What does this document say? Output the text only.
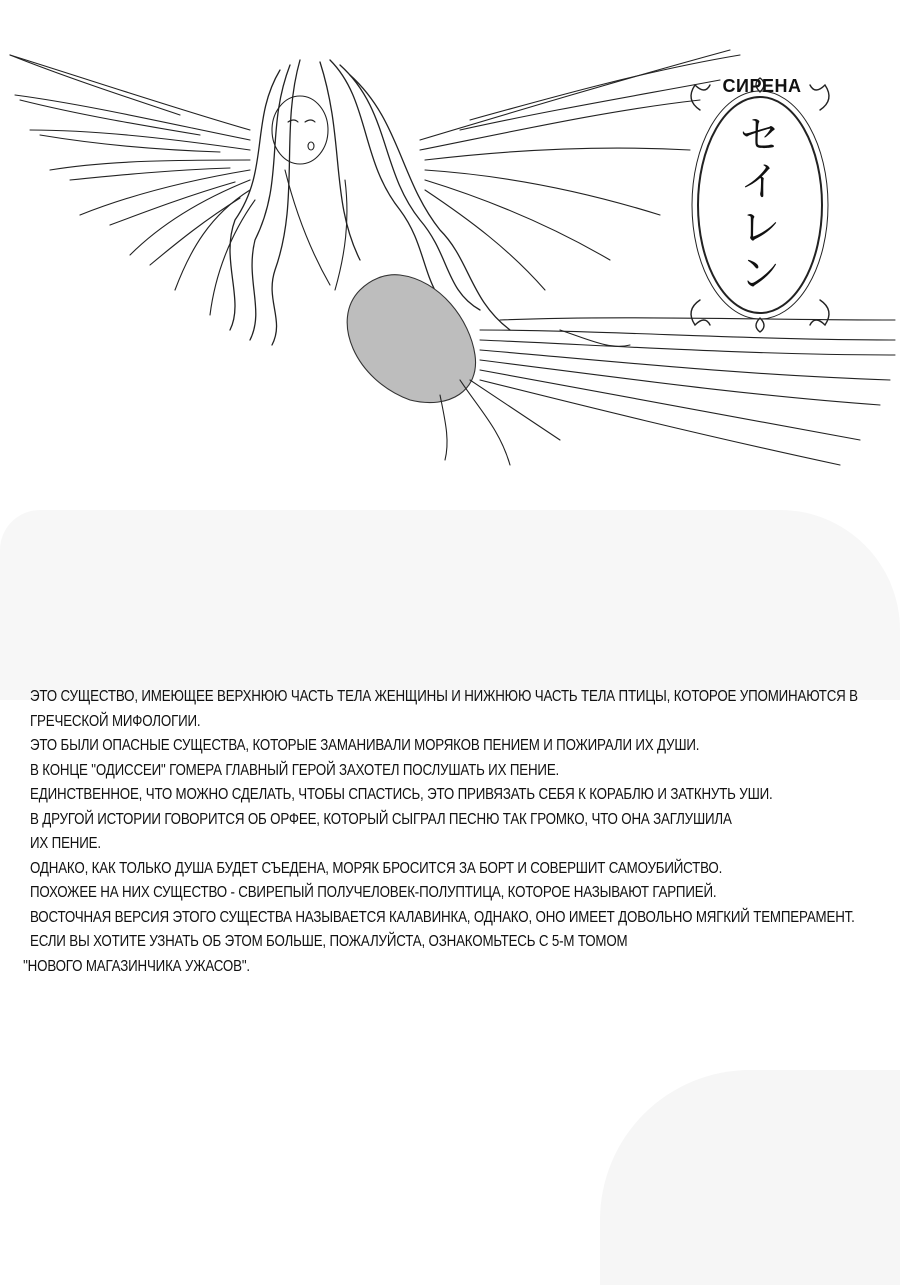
СИРЕНА
セ
イ
レ
ン
ЭТО СУЩЕСТВО, ИМЕЮЩЕЕ ВЕРХНЮЮ ЧАСТЬ ТЕЛА ЖЕНЩИНЫ И НИЖНЮЮ ЧАСТЬ ТЕЛА ПТИЦЫ, КОТОРОЕ УПОМИНАЮТСЯ В
ГРЕЧЕСКОЙ МИФОЛОГИИ.
ЭТО БЫЛИ ОПАСНЫЕ СУЩЕСТВА, КОТОРЫЕ ЗАМАНИВАЛИ МОРЯКОВ ПЕНИЕМ И ПОЖИРАЛИ ИХ ДУШИ.
В КОНЦЕ "ОДИССЕИ" ГОМЕРА ГЛАВНЫЙ ГЕРОЙ ЗАХОТЕЛ ПОСЛУШАТЬ ИХ ПЕНИЕ.
ЕДИНСТВЕННОЕ, ЧТО МОЖНО СДЕЛАТЬ, ЧТОБЫ СПАСТИСЬ, ЭТО ПРИВЯЗАТЬ СЕБЯ К КОРАБЛЮ И ЗАТКНУТЬ УШИ.
В ДРУГОЙ ИСТОРИИ ГОВОРИТСЯ ОБ ОРФЕЕ, КОТОРЫЙ СЫГРАЛ ПЕСНЮ ТАК ГРОМКО, ЧТО ОНА ЗАГЛУШИЛА
ИХ ПЕНИЕ.
ОДНАКО, КАК ТОЛЬКО ДУША БУДЕТ СЪЕДЕНА, МОРЯК БРОСИТСЯ ЗА БОРТ И СОВЕРШИТ САМОУБИЙСТВО.
ПОХОЖЕЕ НА НИХ СУЩЕСТВО - СВИРЕПЫЙ ПОЛУЧЕЛОВЕК-ПОЛУПТИЦА, КОТОРОЕ НАЗЫВАЮТ ГАРПИЕЙ.
ВОСТОЧНАЯ ВЕРСИЯ ЭТОГО СУЩЕСТВА НАЗЫВАЕТСЯ КАЛАВИНКА, ОДНАКО, ОНО ИМЕЕТ ДОВОЛЬНО МЯГКИЙ ТЕМПЕРАМЕНТ.
ЕСЛИ ВЫ ХОТИТЕ УЗНАТЬ ОБ ЭТОМ БОЛЬШЕ, ПОЖАЛУЙСТА, ОЗНАКОМЬТЕСЬ С 5-М ТОМОМ
"НОВОГО МАГАЗИНЧИКА УЖАСОВ".
